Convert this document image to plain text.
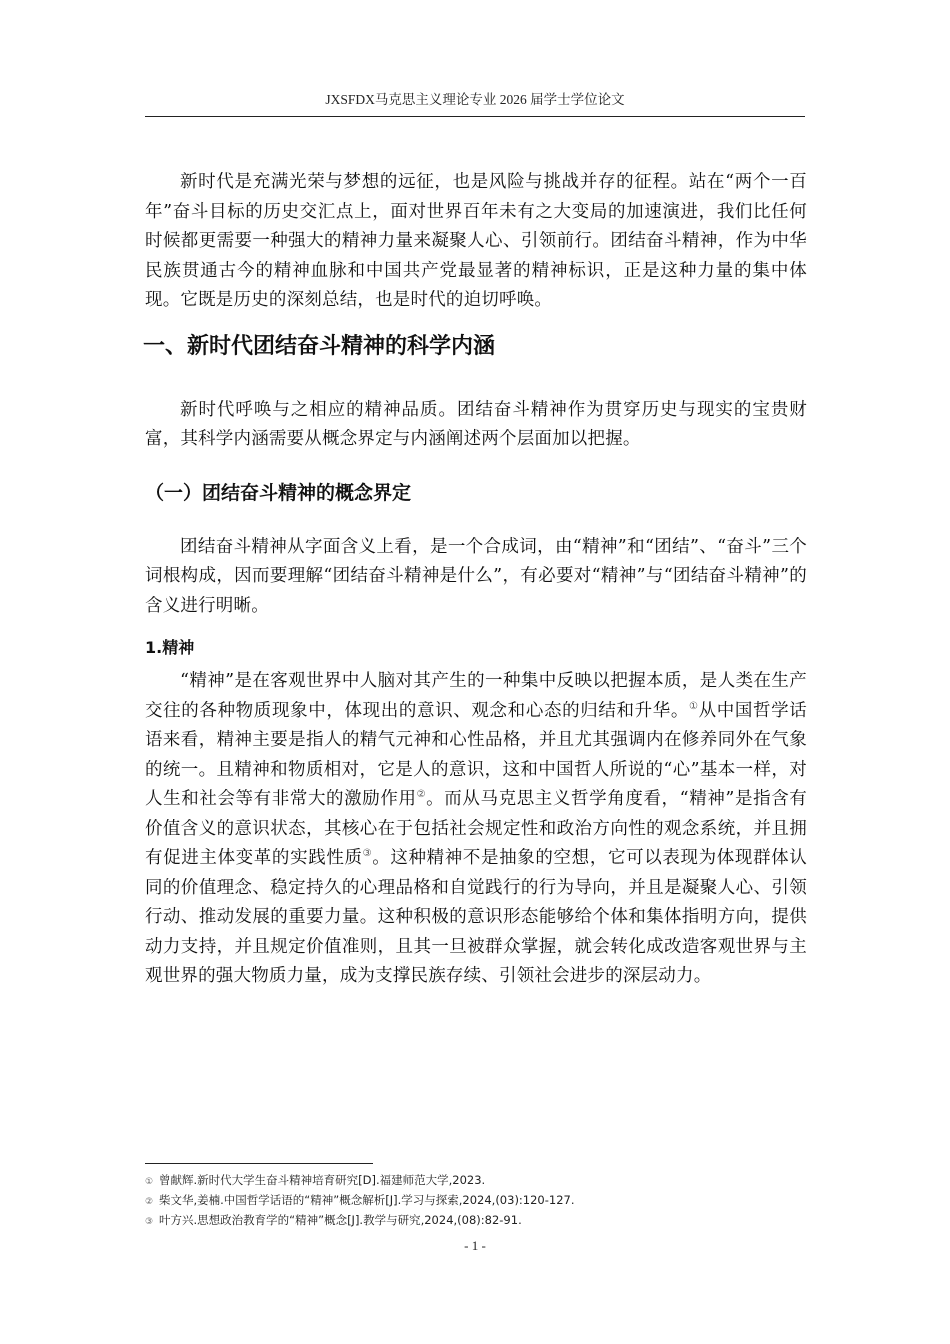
JXSFDX马克思主义理论专业 2026 届学士学位论文

新时代是充满光荣与梦想的远征，也是风险与挑战并存的征程。站在“两个一百年”奋斗目标的历史交汇点上，面对世界百年未有之大变局的加速演进，我们比任何时候都更需要一种强大的精神力量来凝聚人心、引领前行。团结奋斗精神，作为中华民族贯通古今的精神血脉和中国共产党最显著的精神标识，正是这种力量的集中体现。它既是历史的深刻总结，也是时代的迫切呼唤。

一、新时代团结奋斗精神的科学内涵

新时代呼唤与之相应的精神品质。团结奋斗精神作为贯穿历史与现实的宝贵财富，其科学内涵需要从概念界定与内涵阐述两个层面加以把握。

（一）团结奋斗精神的概念界定

团结奋斗精神从字面含义上看，是一个合成词，由“精神”和“团结”、“奋斗”三个词根构成，因而要理解“团结奋斗精神是什么”，有必要对“精神”与“团结奋斗精神”的含义进行明晰。

1.精神

“精神”是在客观世界中人脑对其产生的一种集中反映以把握本质，是人类在生产交往的各种物质现象中，体现出的意识、观念和心态的归结和升华。①从中国哲学话语来看，精神主要是指人的精气元神和心性品格，并且尤其强调内在修养同外在气象的统一。且精神和物质相对，它是人的意识，这和中国哲人所说的“心”基本一样，对人生和社会等有非常大的激励作用②。而从马克思主义哲学角度看，“精神”是指含有价值含义的意识状态，其核心在于包括社会规定性和政治方向性的观念系统，并且拥有促进主体变革的实践性质③。这种精神不是抽象的空想，它可以表现为体现群体认同的价值理念、稳定持久的心理品格和自觉践行的行为导向，并且是凝聚人心、引领行动、推动发展的重要力量。这种积极的意识形态能够给个体和集体指明方向，提供动力支持，并且规定价值准则，且其一旦被群众掌握，就会转化成改造客观世界与主观世界的强大物质力量，成为支撑民族存续、引领社会进步的深层动力。

① 曾献辉.新时代大学生奋斗精神培育研究[D].福建师范大学,2023.

② 柴文华,姜楠.中国哲学话语的“精神”概念解析[J].学习与探索,2024,(03):120-127.

③ 叶方兴.思想政治教育学的“精神”概念[J].教学与研究,2024,(08):82-91.

- 1 -
